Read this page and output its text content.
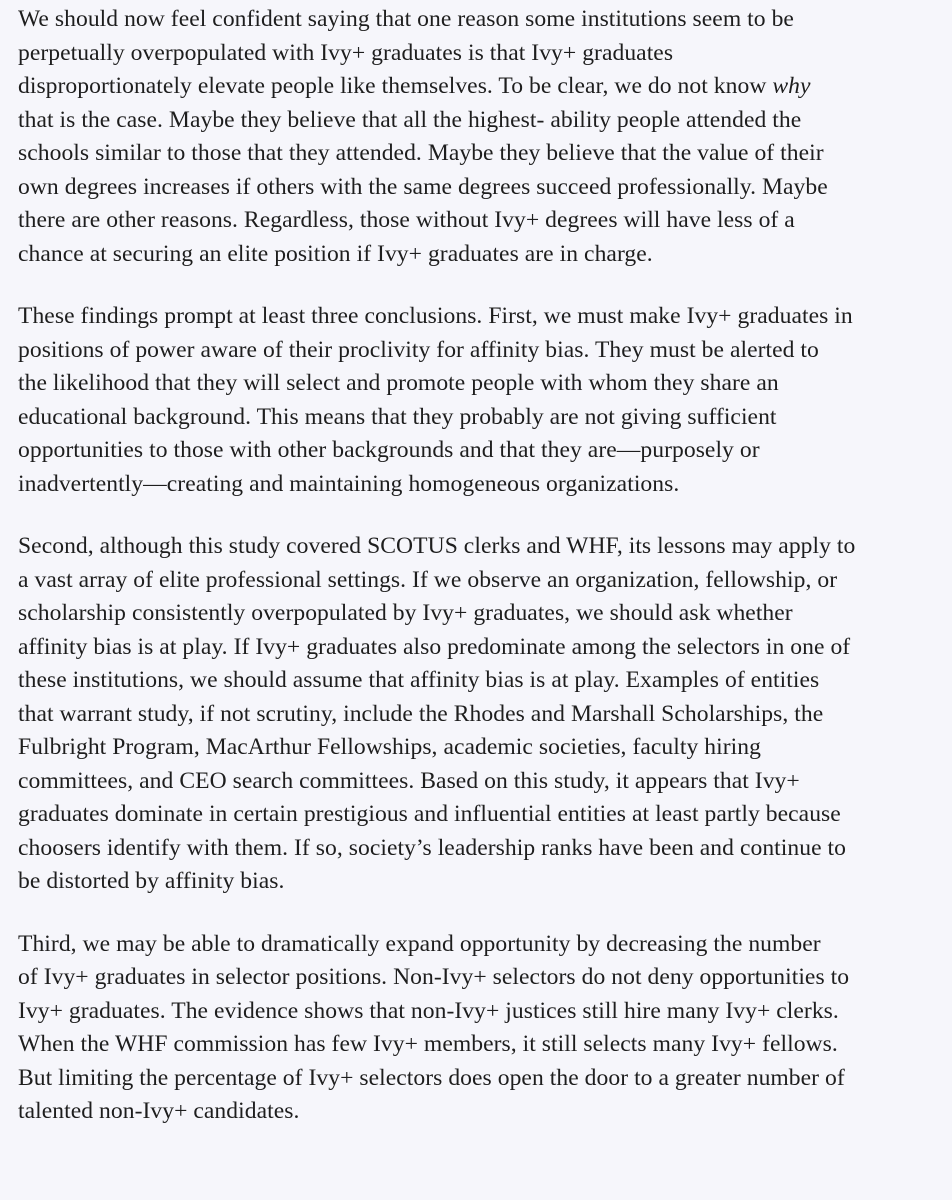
We should now feel confident saying that one reason some institutions seem to be
perpetually overpopulated with Ivy+ graduates is that Ivy+ graduates
disproportionately elevate people like themselves. To be clear, we do not know why
that is the case. Maybe they believe that all the highest- ability people attended the
schools similar to those that they attended. Maybe they believe that the value of their
own degrees increases if others with the same degrees succeed professionally. Maybe
there are other reasons. Regardless, those without Ivy+ degrees will have less of a
chance at securing an elite position if Ivy+ graduates are in charge.

These findings prompt at least three conclusions. First, we must make Ivy+ graduates in
positions of power aware of their proclivity for affinity bias. They must be alerted to
the likelihood that they will select and promote people with whom they share an
educational background. This means that they probably are not giving sufficient
opportunities to those with other backgrounds and that they are—purposely or
inadvertently—creating and maintaining homogeneous organizations.

Second, although this study covered SCOTUS clerks and WHF, its lessons may apply to
a vast array of elite professional settings. If we observe an organization, fellowship, or
scholarship consistently overpopulated by Ivy+ graduates, we should ask whether
affinity bias is at play. If Ivy+ graduates also predominate among the selectors in one of
these institutions, we should assume that affinity bias is at play. Examples of entities
that warrant study, if not scrutiny, include the Rhodes and Marshall Scholarships, the
Fulbright Program, MacArthur Fellowships, academic societies, faculty hiring
committees, and CEO search committees. Based on this study, it appears that Ivy+
graduates dominate in certain prestigious and influential entities at least partly because
choosers identify with them. If so, society’s leadership ranks have been and continue to
be distorted by affinity bias.

Third, we may be able to dramatically expand opportunity by decreasing the number
of Ivy+ graduates in selector positions. Non-Ivy+ selectors do not deny opportunities to
Ivy+ graduates. The evidence shows that non-Ivy+ justices still hire many Ivy+ clerks.
When the WHF commission has few Ivy+ members, it still selects many Ivy+ fellows.
But limiting the percentage of Ivy+ selectors does open the door to a greater number of
talented non-Ivy+ candidates.
